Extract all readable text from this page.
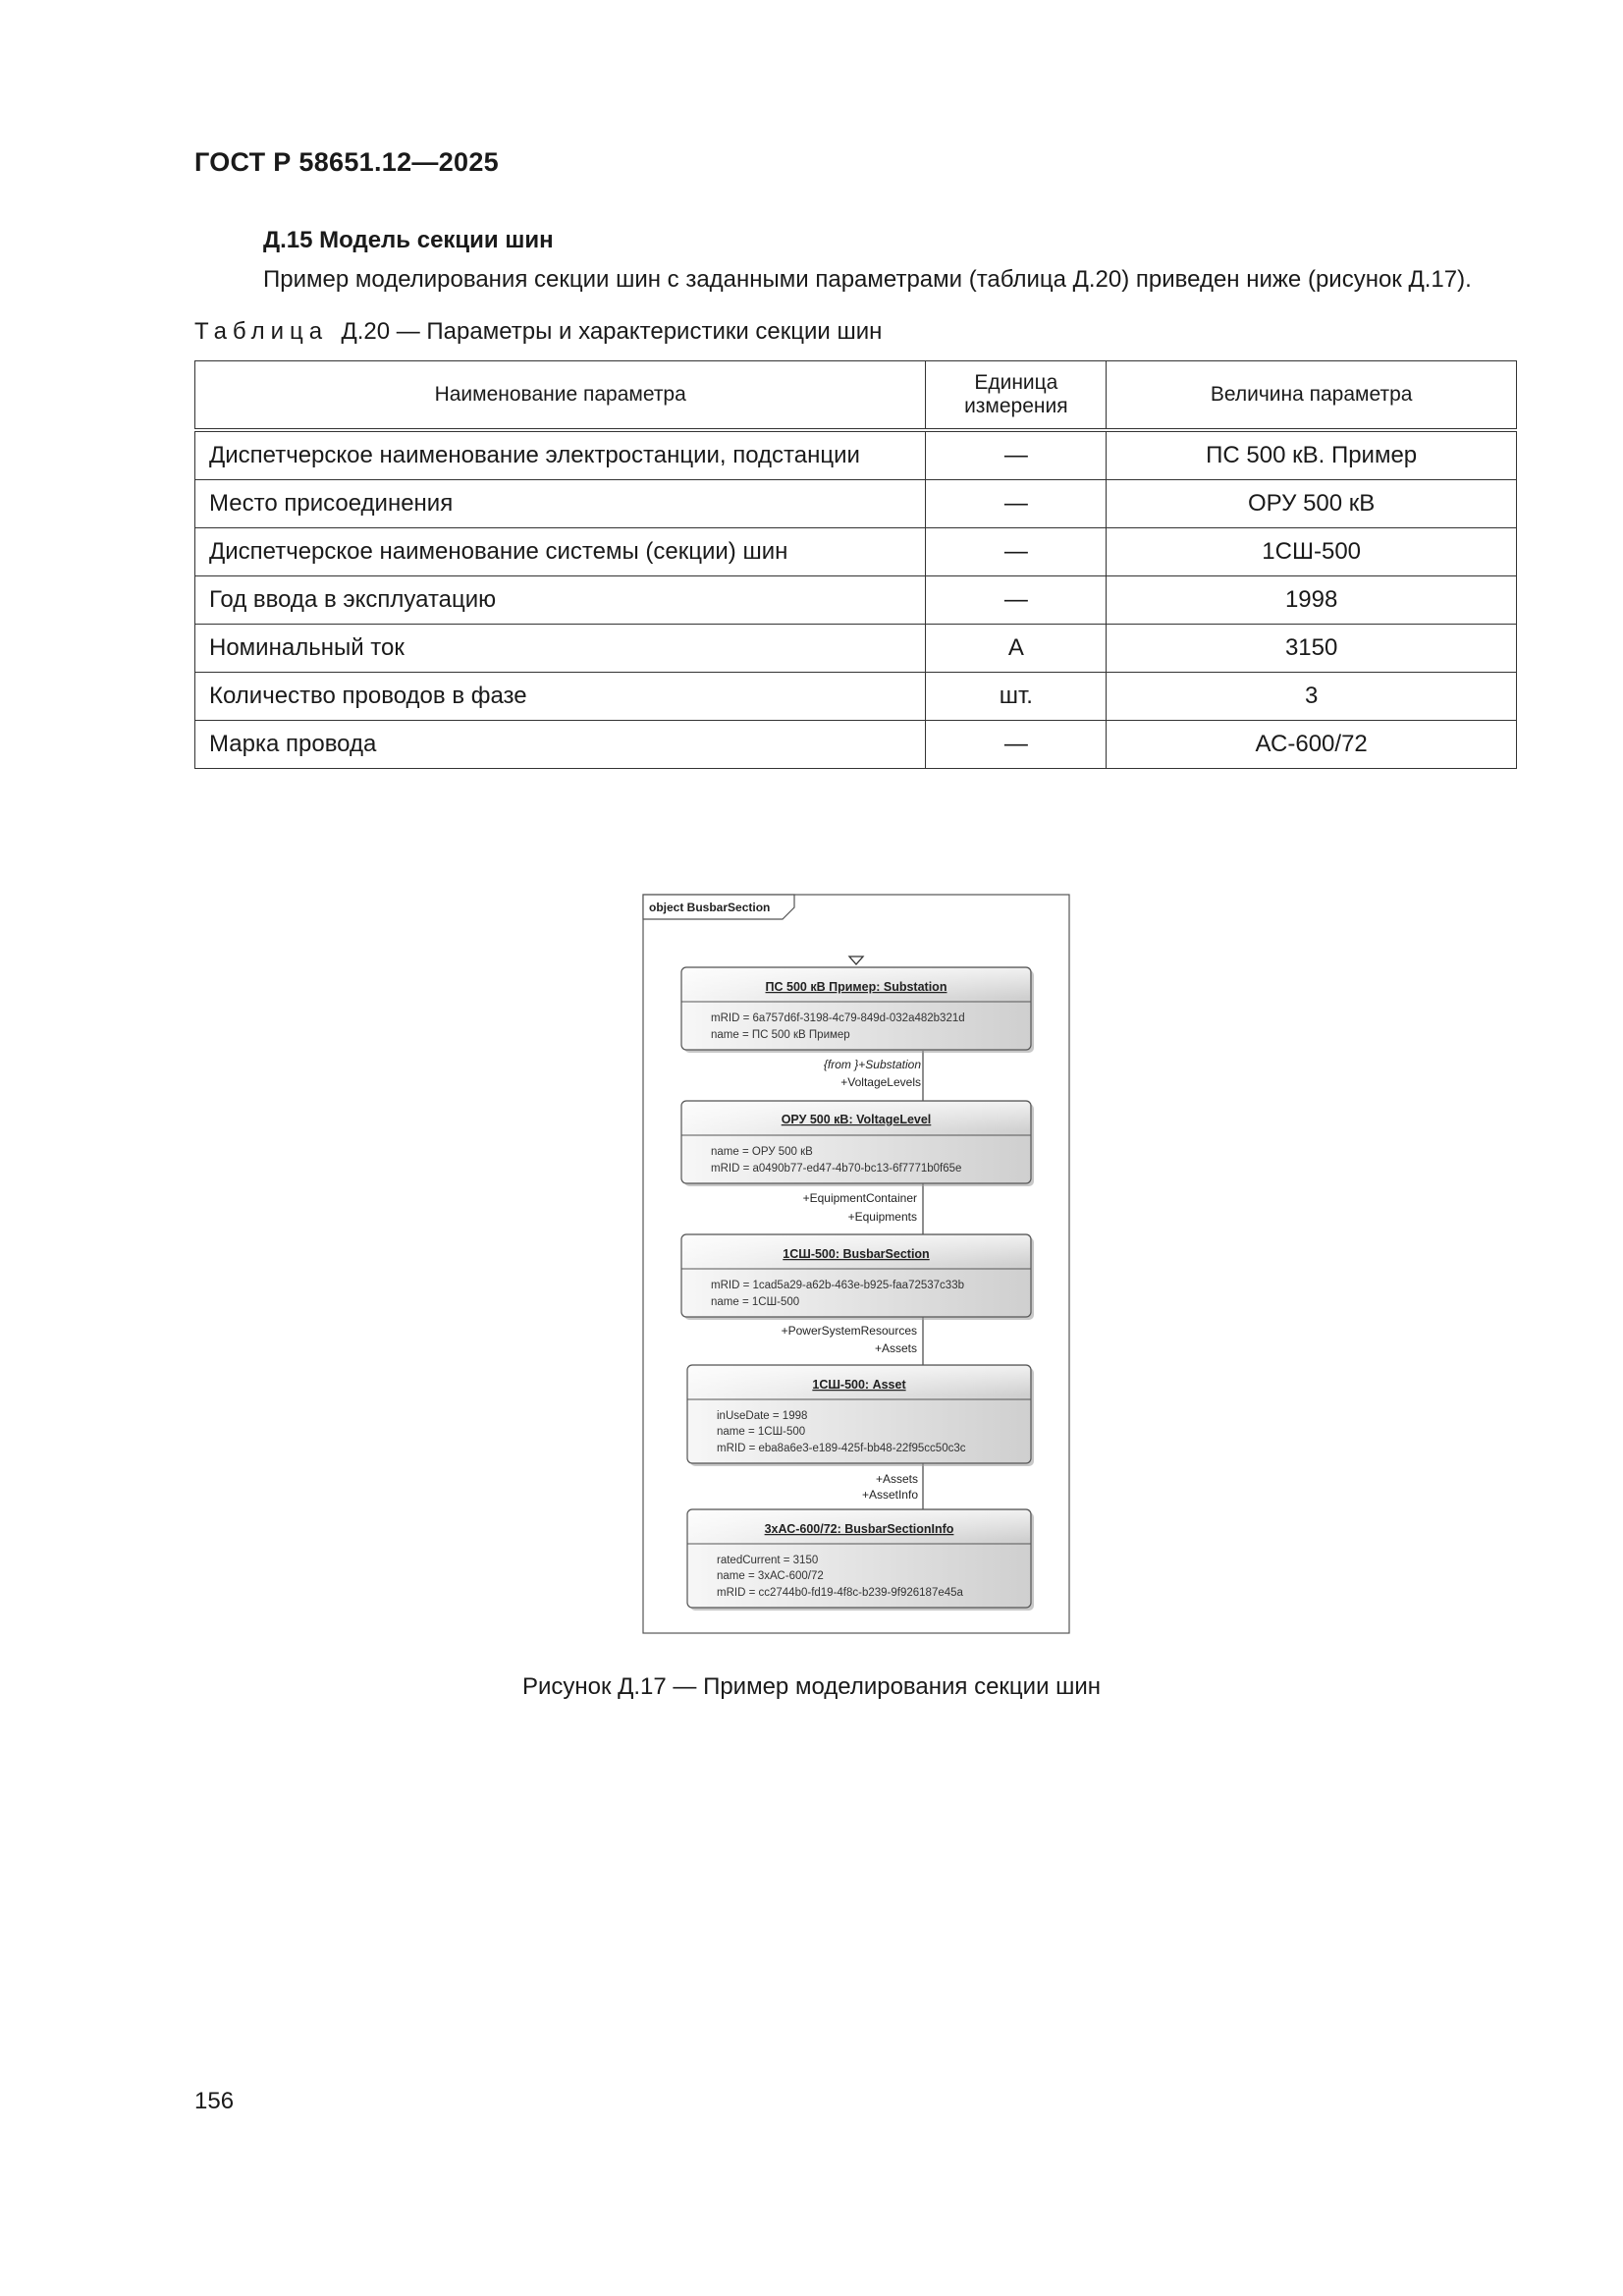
ГОСТ Р 58651.12—2025
Д.15 Модель секции шин
Пример моделирования секции шин с заданными параметрами (таблица Д.20) приведен ниже (рисунок Д.17).
Таблица Д.20 — Параметры и характеристики секции шин
Наименование параметра	Единица измерения	Величина параметра
Диспетчерское наименование электростанции, подстанции	—	ПС 500 кВ. Пример
Место присоединения	—	ОРУ 500 кВ
Диспетчерское наименование системы (секции) шин	—	1СШ-500
Год ввода в эксплуатацию	—	1998
Номинальный ток	А	3150
Количество проводов в фазе	шт.	3
Марка провода	—	АС-600/72
object BusbarSection
{from }+Substation
+VoltageLevels
+EquipmentContainer
+Equipments
+PowerSystemResources
+Assets
+Assets
+AssetInfo
ПС 500 кВ Пример: Substation
mRID = 6a757d6f-3198-4c79-849d-032a482b321d
name = ПС 500 кВ Пример
ОРУ 500 кВ: VoltageLevel
name = ОРУ 500 кВ
mRID = a0490b77-ed47-4b70-bc13-6f7771b0f65e
1СШ-500: BusbarSection
mRID = 1cad5a29-a62b-463e-b925-faa72537c33b
name = 1СШ-500
1СШ-500: Asset
inUseDate = 1998
name = 1СШ-500
mRID = eba8a6e3-e189-425f-bb48-22f95cc50c3c
3хАС-600/72: BusbarSectionInfo
ratedCurrent = 3150
name = 3хАС-600/72
mRID = cc2744b0-fd19-4f8c-b239-9f926187e45a
Рисунок Д.17 — Пример моделирования секции шин
156
